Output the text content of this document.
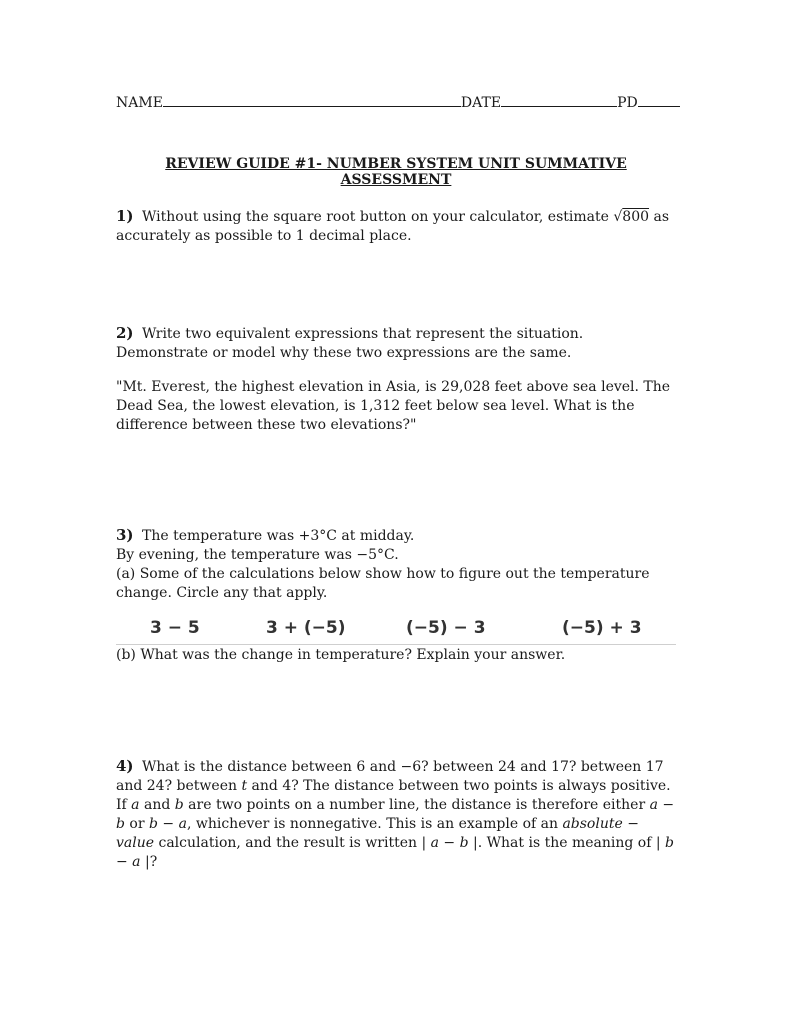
NAME	DATE	PD
REVIEW GUIDE #1- NUMBER SYSTEM UNIT SUMMATIVE ASSESSMENT
1) Without using the square root button on your calculator, estimate √800 as accurately as possible to 1 decimal place.
2) Write two equivalent expressions that represent the situation. Demonstrate or model why these two expressions are the same.
"Mt. Everest, the highest elevation in Asia, is 29,028 feet above sea level. The Dead Sea, the lowest elevation, is 1,312 feet below sea level. What is the difference between these two elevations?"
3) The temperature was +3°C at midday.
By evening, the temperature was −5°C.
(a) Some of the calculations below show how to figure out the temperature change. Circle any that apply.
3 − 5	3 + (−5)	(−5) − 3	(−5) + 3
(b) What was the change in temperature? Explain your answer.
4) What is the distance between 6 and −6? between 24 and 17? between 17 and 24? between t and 4? The distance between two points is always positive. If a and b are two points on a number line, the distance is therefore either a − b or b − a, whichever is nonnegative. This is an example of an absolute − value calculation, and the result is written | a − b |. What is the meaning of | b − a |?
